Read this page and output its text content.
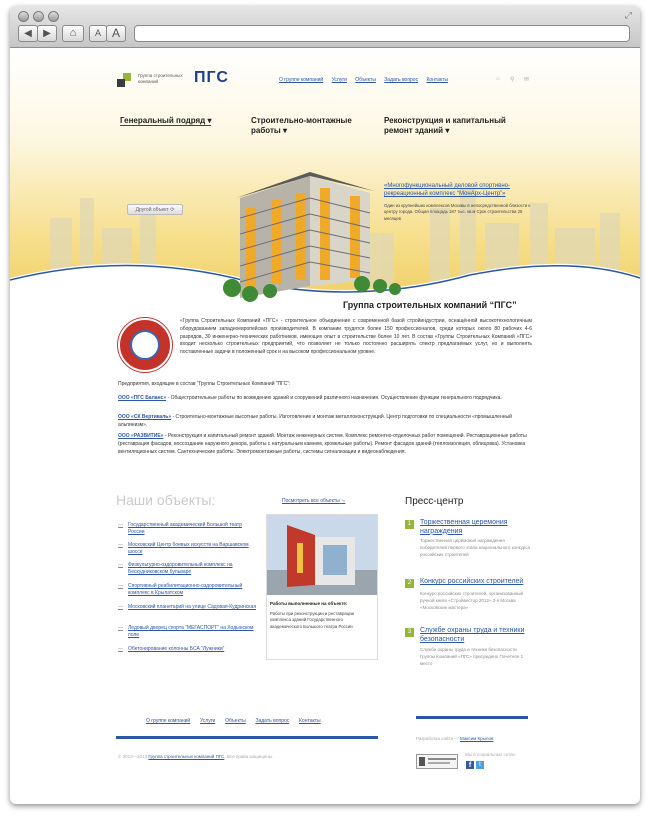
⤢
◀	▶	⌂	A A
Группа строительных компаний	ПГС	О группе компаний Услуги Объекты Задать вопрос Контакты	⌂ ⚲ ✉
Генеральный подряд ▾	Строительно-монтажные работы ▾
Реконструкция и капитальный ремонт зданий ▾
Другой объект ⟳
«Многофункциональный деловой спортивно-рекреационный комплекс “МонАрх-Центр”»
Один из крупнейших комплексов Москвы в непосредственной близости к центру города. Общая площадь 187 тыс. кв.м Срок строительства 28 месяцев
Группа строительных компаний “ПГС”

«Группа Строительных Компаний «ПГС» - строительное объединение с современной базой стройиндустрии, оснащённой высокотехнологичным оборудованием западноевропейских производителей. В компании трудятся более 150 профессионалов, среди которых около 80 рабочих 4-6 разрядов, 30 инженерно-технических работников, имеющих опыт в строительстве более 10 лет. В состав «Группы Строительных Компаний «ПГС» входит несколько строительных предприятий, что позволяет не только постоянно расширять спектр предлагаемых услуг, но и выполнять поставленные задачи в положенный срок и на высоком профессиональном уровне.

Предприятия, входящие в состав “Группы Строительных Компаний “ПГС”:

ООО «ПГС Баланс» - Общестроительные работы по возведению зданий и сооружений различного назначения. Осуществление функции генерального подрядчика.

ООО «СК Вертикаль» - Строительно-монтажные высотные работы. Изготовление и монтаж металлоконструкций. Центр подготовки по специальности «промышленный альпинизм».

ООО «РАЗВИТИЕ» - Реконструкция и капитальный ремонт зданий. Монтаж инженерных систем. Комплекс ремонтно-отделочных работ помещений. Реставрационные работы (реставрация фасадов, воссоздание наружного декора, работы с натуральным камнем, кровельные работы). Ремонт фасадов зданий (теплоизоляция, облицовка). Установка вентиляционных систем. Сантехнические работы. Электромонтажные работы, системы сигнализации и видеонаблюдения.

Наши объекты:	Посмотреть все объекты ⇘
— Государственный академический Большой театр России
— Московский Центр боевых искусств на Варшавском шоссе
— Физкультурно-оздоровительный комплекс на Бескудниковском бульваре
— Спортивный реабилитационно-оздоровительный комплекс в Крылатском
— Московский планетарий на улице Садовая-Кудринская
— Ледовый дворец спорта “МЕГАСПОРТ” на Ходынском поле
— Обетонирование колонны БСА “Лужники”
Работы выполненные на объекте:
Работы при реконструкции и реставрации комплекса зданий Государственного академического Большого театра России
Пресс-центр
1	Торжественная церемония награждения
Торжественная церемония награждения победителей первого этапа национального конкурса российских строителей
2	Конкурс российских строителей
Конкурс российских строителей, организованный ручной книги «Стройвестор 2012» 3-я Москва «Московские мастера»
3	Службе охраны труда и техники безопасности
Службе охраны труда и техники безопасности Группы Компаний «ПГС» присуждено Почетное 1 место
О группе компаний Услуги Объекты Задать вопрос Контакты
Разработка сайта — Максим Крылов
© 2013—2013 Группа строительных компаний ПГС. Все права защищены.	Мы в социальных сетях:
f	t
